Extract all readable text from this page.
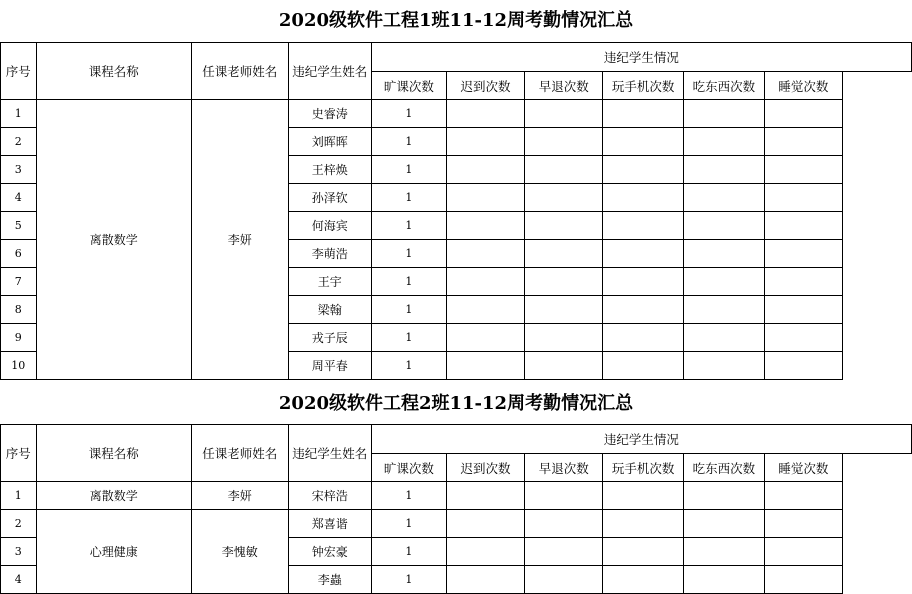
2020级软件工程1班11-12周考勤情况汇总
序号	课程名称	任课老师姓名	违纪学生姓名	违纪学生情况					
				旷课次数	迟到次数	早退次数	玩手机次数	吃东西次数	睡觉次数
1	离散数学	李妍	史睿涛	1					
2			刘晖晖	1					
3			王梓焕	1					
4			孙泽钦	1					
5			何海宾	1					
6			李萌浩	1					
7			王宇	1					
8			梁翰	1					
9			戎子辰	1					
10			周平春	1					
2020级软件工程2班11-12周考勤情况汇总
序号	课程名称	任课老师姓名	违纪学生姓名	违纪学生情况					
				旷课次数	迟到次数	早退次数	玩手机次数	吃东西次数	睡觉次数
1	离散数学	李妍	宋梓浩	1					
2	心理健康	李愧敏	郑喜谐	1					
3			钟宏豪	1					
4			李蟲	1					
